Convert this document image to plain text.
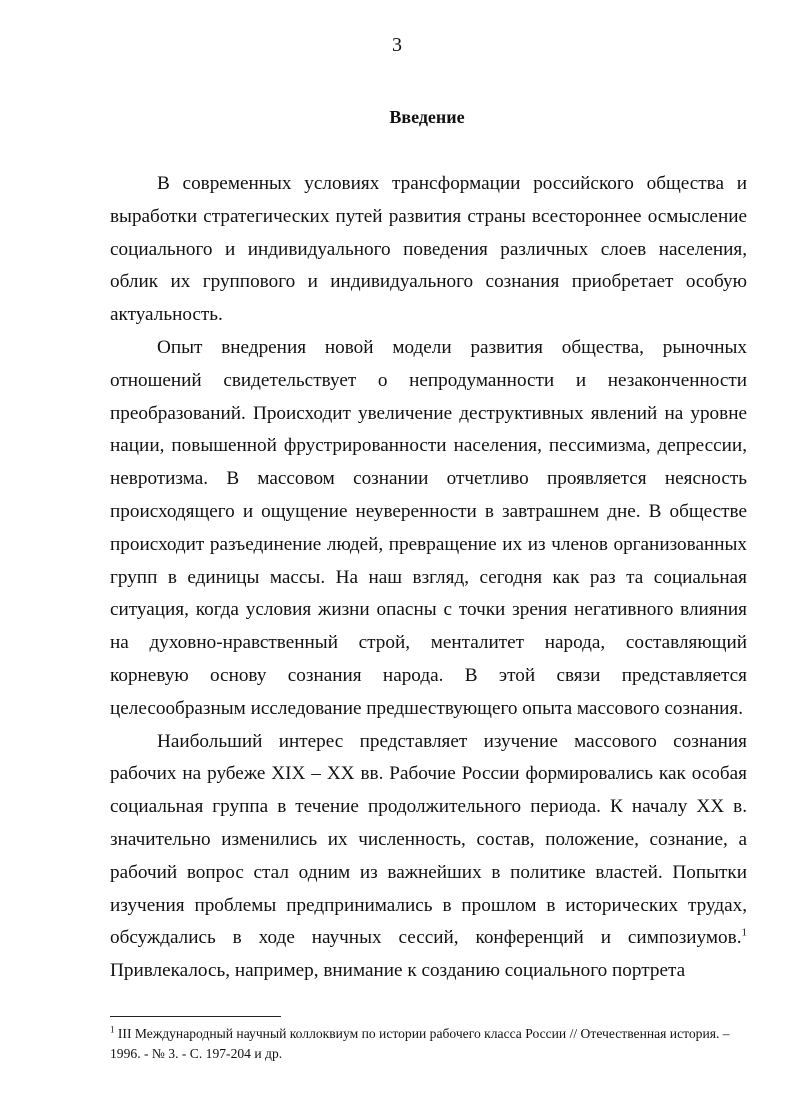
3
Введение

В современных условиях трансформации российского общества и выработки стратегических путей развития страны всестороннее осмысление социального и индивидуального поведения различных слоев населения, облик их группового и индивидуального сознания приобретает особую актуальность.

Опыт внедрения новой модели развития общества, рыночных отношений свидетельствует о непродуманности и незаконченности преобразований. Происходит увеличение деструктивных явлений на уровне нации, повышенной фрустрированности населения, пессимизма, депрессии, невротизма. В массовом сознании отчетливо проявляется неясность происходящего и ощущение неуверенности в завтрашнем дне. В обществе происходит разъединение людей, превращение их из членов организованных групп в единицы массы. На наш взгляд, сегодня как раз та социальная ситуация, когда условия жизни опасны с точки зрения негативного влияния на духовно-нравственный строй, менталитет народа, составляющий корневую основу сознания народа. В этой связи представляется целесообразным исследование предшествующего опыта массового сознания.

Наибольший интерес представляет изучение массового сознания рабочих на рубеже XIX – XX вв. Рабочие России формировались как особая социальная группа в течение продолжительного периода. К началу XX в. значительно изменились их численность, состав, положение, сознание, а рабочий вопрос стал одним из важнейших в политике властей. Попытки изучения проблемы предпринимались в прошлом в исторических трудах, обсуждались в ходе научных сессий, конференций и симпозиумов.$^1$ Привлекалось, например, внимание к созданию социального портрета

$^1$ III Международный научный коллоквиум по истории рабочего класса России // Отечественная история. – 1996. - № 3. - С. 197-204 и др.
